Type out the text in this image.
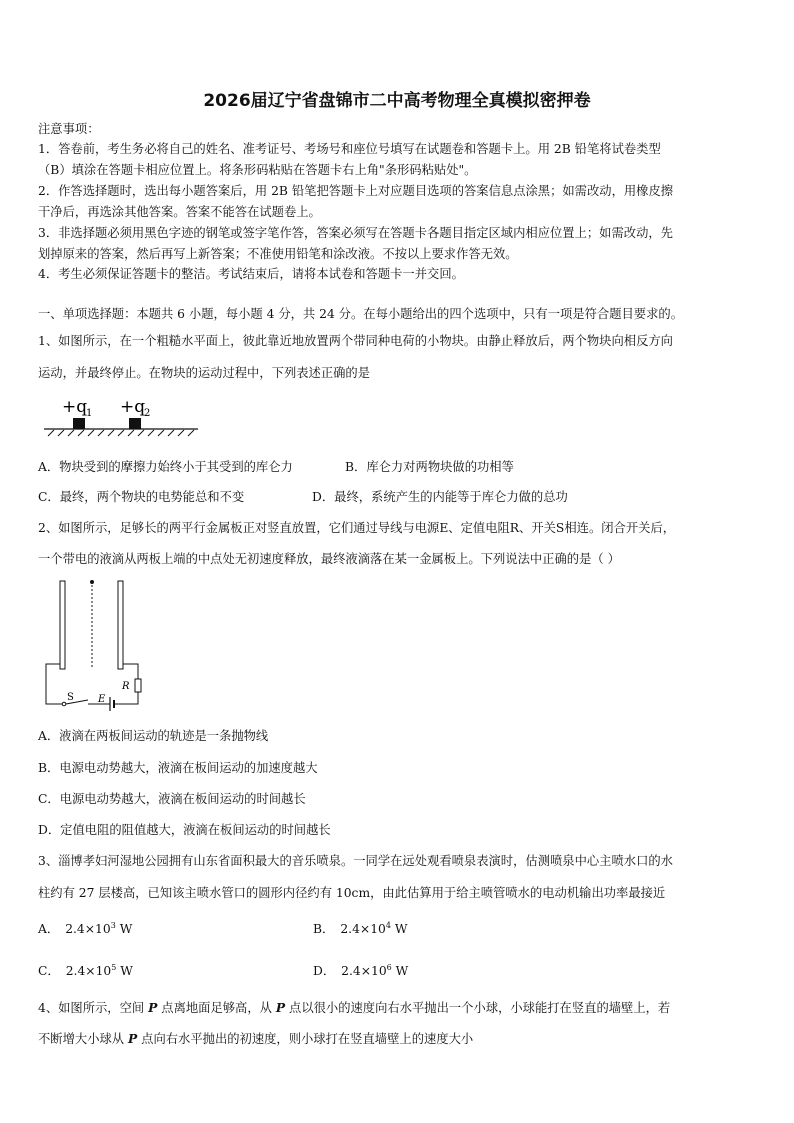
2026届辽宁省盘锦市二中高考物理全真模拟密押卷
注意事项：
1．答卷前，考生务必将自己的姓名、准考证号、考场号和座位号填写在试题卷和答题卡上。用 2B 铅笔将试卷类型
（B）填涂在答题卡相应位置上。将条形码粘贴在答题卡右上角"条形码粘贴处"。
2．作答选择题时，选出每小题答案后，用 2B 铅笔把答题卡上对应题目选项的答案信息点涂黑；如需改动，用橡皮擦
干净后，再选涂其他答案。答案不能答在试题卷上。
3．非选择题必须用黑色字迹的钢笔或签字笔作答，答案必须写在答题卡各题目指定区域内相应位置上；如需改动，先
划掉原来的答案，然后再写上新答案；不准使用铅笔和涂改液。不按以上要求作答无效。
4．考生必须保证答题卡的整洁。考试结束后，请将本试卷和答题卡一并交回。
一、单项选择题：本题共 6 小题，每小题 4 分，共 24 分。在每小题给出的四个选项中，只有一项是符合题目要求的。
1、如图所示，在一个粗糙水平面上，彼此靠近地放置两个带同种电荷的小物块。由静止释放后，两个物块向相反方向
运动，并最终停止。在物块的运动过程中，下列表述正确的是
+q
1 +q
2
A．物块受到的摩擦力始终小于其受到的库仑力	B．库仑力对两物块做的功相等
C．最终，两个物块的电势能总和不变	D．最终，系统产生的内能等于库仑力做的总功
2、如图所示，足够长的两平行金属板正对竖直放置，它们通过导线与电源E、定值电阻R、开关S相连。闭合开关后，
一个带电的液滴从两板上端的中点处无初速度释放，最终液滴落在某一金属板上。下列说法中正确的是（ ）
S E
R
A．液滴在两板间运动的轨迹是一条抛物线
B．电源电动势越大，液滴在板间运动的加速度越大
C．电源电动势越大，液滴在板间运动的时间越长
D．定值电阻的阻值越大，液滴在板间运动的时间越长
3、淄博孝妇河湿地公园拥有山东省面积最大的音乐喷泉。一同学在远处观看喷泉表演时，估测喷泉中心主喷水口的水
柱约有 27 层楼高，已知该主喷水管口的圆形内径约有 10cm，由此估算用于给主喷管喷水的电动机输出功率最接近
A． $2.4\times 10^3$ W	B． $2.4\times 10^4$ W
C． $2.4\times 10^5$ W	D． $2.4\times 10^6$ W
4、如图所示，空间 P 点离地面足够高，从 P 点以很小的速度向右水平抛出一个小球，小球能打在竖直的墙壁上，若
不断增大小球从 P 点向右水平抛出的初速度，则小球打在竖直墙壁上的速度大小
